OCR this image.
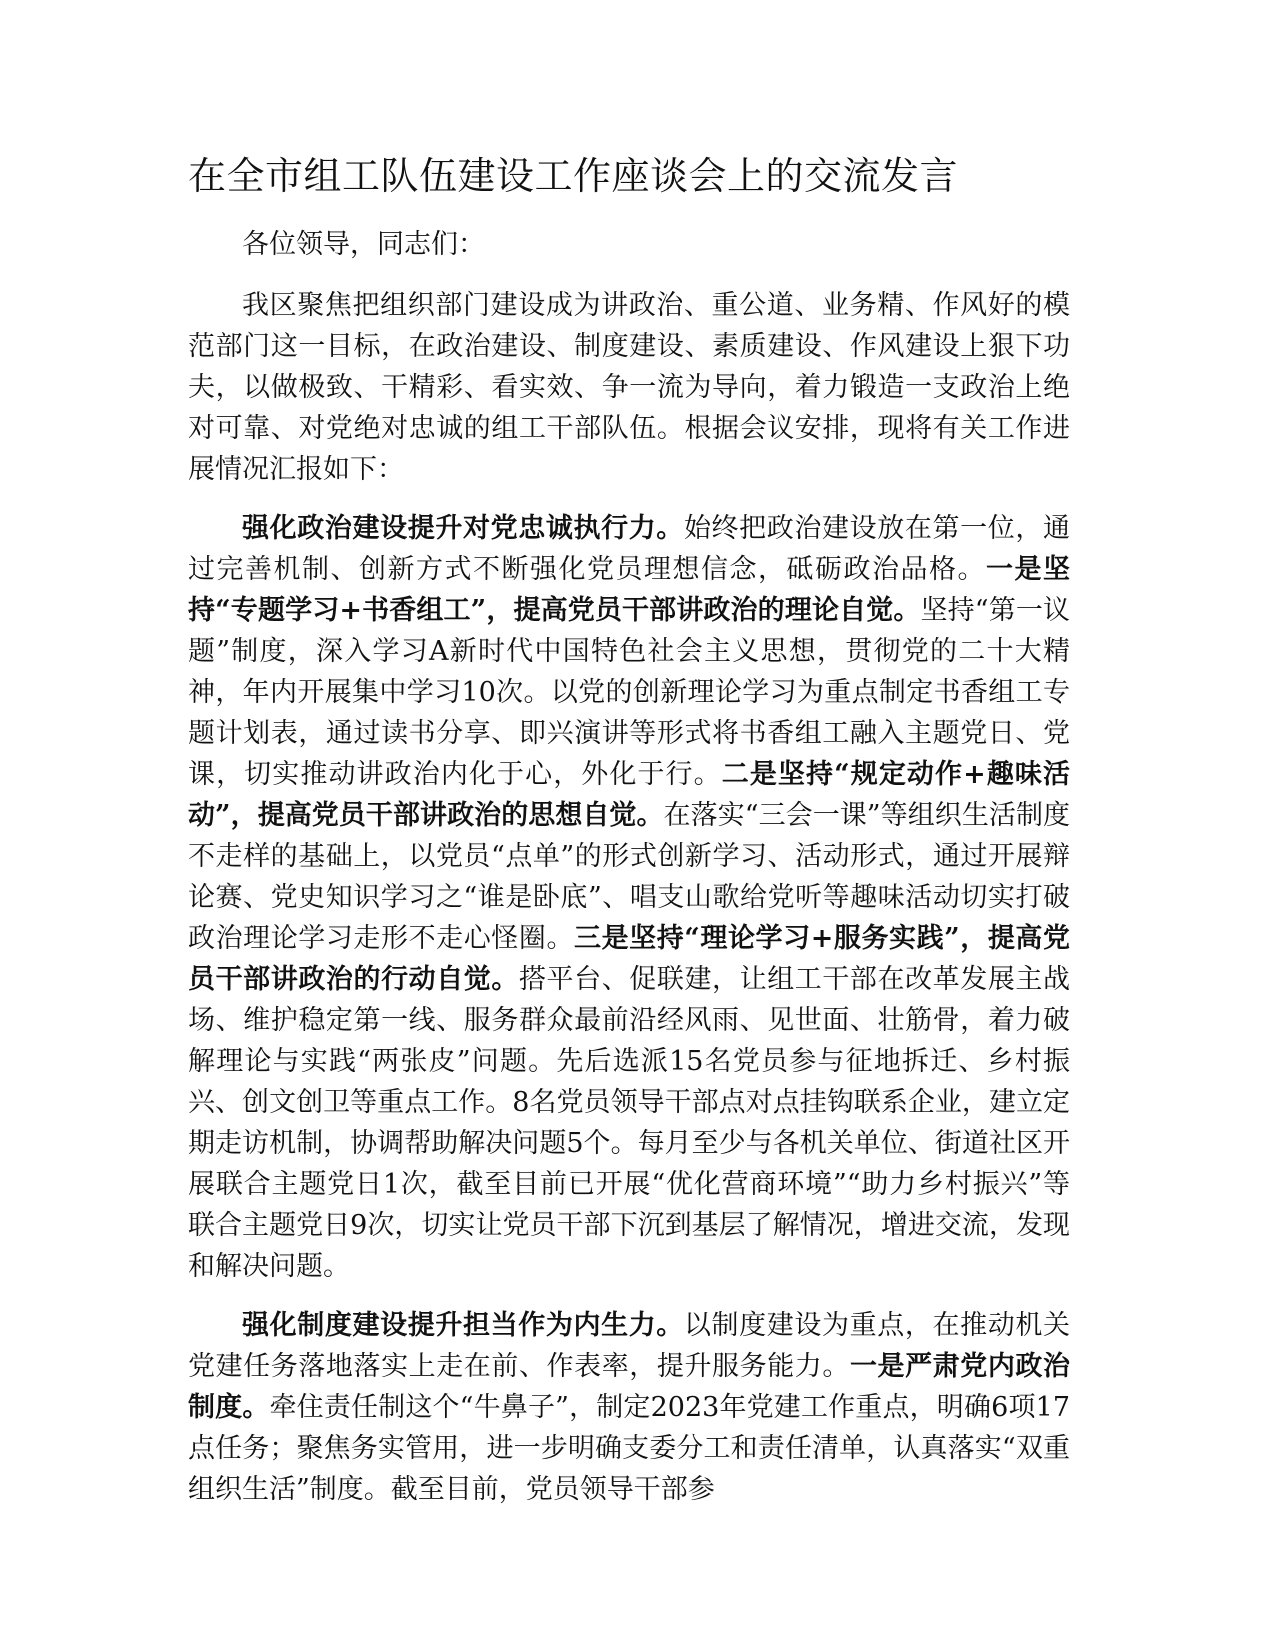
在全市组工队伍建设工作座谈会上的交流发言

各位领导，同志们：

我区聚焦把组织部门建设成为讲政治、重公道、业务精、作风好的模范部门这一目标，在政治建设、制度建设、素质建设、作风建设上狠下功夫，以做极致、干精彩、看实效、争一流为导向，着力锻造一支政治上绝对可靠、对党绝对忠诚的组工干部队伍。根据会议安排，现将有关工作进展情况汇报如下：

强化政治建设提升对党忠诚执行力。始终把政治建设放在第一位，通过完善机制、创新方式不断强化党员理想信念，砥砺政治品格。一是坚持“专题学习+书香组工”，提高党员干部讲政治的理论自觉。坚持“第一议题”制度，深入学习A新时代中国特色社会主义思想，贯彻党的二十大精神，年内开展集中学习10次。以党的创新理论学习为重点制定书香组工专题计划表，通过读书分享、即兴演讲等形式将书香组工融入主题党日、党课，切实推动讲政治内化于心，外化于行。二是坚持“规定动作+趣味活动”，提高党员干部讲政治的思想自觉。在落实“三会一课”等组织生活制度不走样的基础上，以党员“点单”的形式创新学习、活动形式，通过开展辩论赛、党史知识学习之“谁是卧底”、唱支山歌给党听等趣味活动切实打破政治理论学习走形不走心怪圈。三是坚持“理论学习+服务实践”，提高党员干部讲政治的行动自觉。搭平台、促联建，让组工干部在改革发展主战场、维护稳定第一线、服务群众最前沿经风雨、见世面、壮筋骨，着力破解理论与实践“两张皮”问题。先后选派15名党员参与征地拆迁、乡村振兴、创文创卫等重点工作。8名党员领导干部点对点挂钩联系企业，建立定期走访机制，协调帮助解决问题5个。每月至少与各机关单位、街道社区开展联合主题党日1次，截至目前已开展“优化营商环境”“助力乡村振兴”等联合主题党日9次，切实让党员干部下沉到基层了解情况，增进交流，发现和解决问题。

强化制度建设提升担当作为内生力。以制度建设为重点，在推动机关党建任务落地落实上走在前、作表率，提升服务能力。一是严肃党内政治制度。牵住责任制这个“牛鼻子”，制定2023年党建工作重点，明确6项17点任务；聚焦务实管用，进一步明确支委分工和责任清单，认真落实“双重组织生活”制度。截至目前，党员领导干部参
